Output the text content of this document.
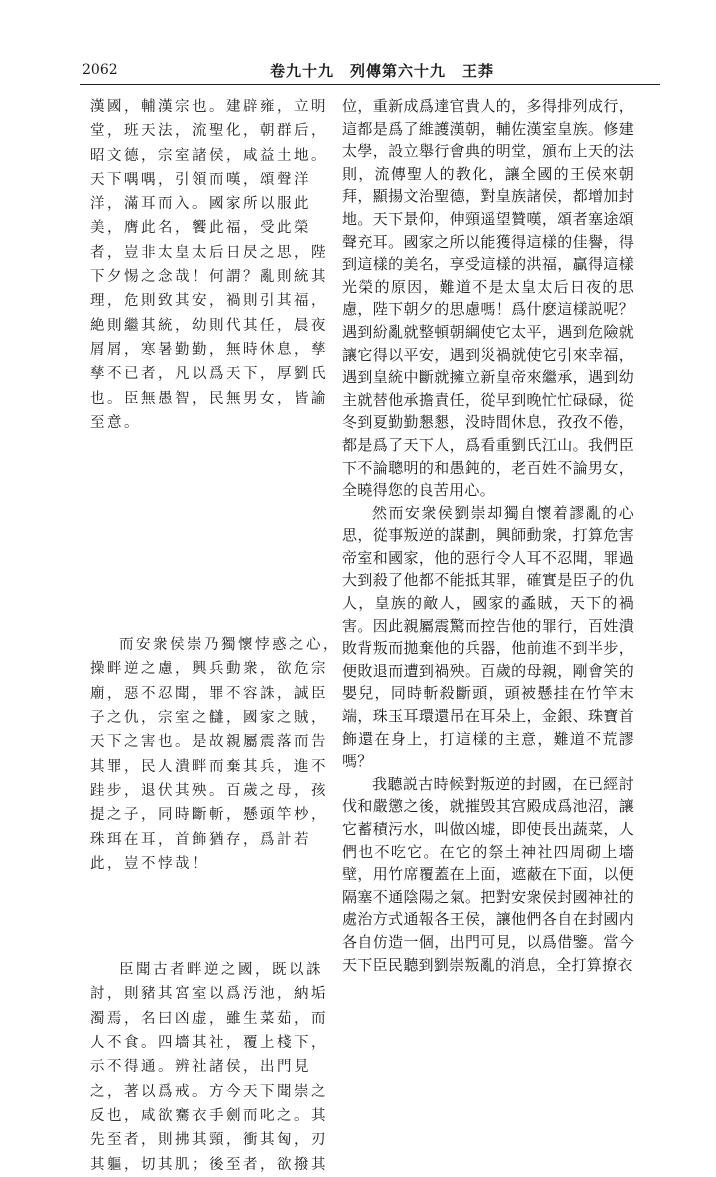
2062	卷九十九　列傳第六十九　王莽

漢國，輔漢宗也。建辟雍，立明堂，班天法，流聖化，朝群后，昭文德，宗室諸侯，咸益土地。天下喁喁，引領而嘆，頌聲洋洋，滿耳而入。國家所以服此美，膺此名，饗此福，受此榮者，豈非太皇太后日昃之思，陛下夕惕之念哉！何謂？亂則統其理，危則致其安，禍則引其福，絶則繼其統，幼則代其任，晨夜屑屑，寒暑勤勤，無時休息，孳孳不已者，凡以爲天下，厚劉氏也。臣無愚智，民無男女，皆諭至意。

而安衆侯崇乃獨懷悖惑之心，操畔逆之慮，興兵動衆，欲危宗廟，惡不忍聞，罪不容誅，誠臣子之仇，宗室之讎，國家之賊，天下之害也。是故親屬震落而告其罪，民人潰畔而棄其兵，進不跬步，退伏其殃。百歲之母，孩提之子，同時斷斬，懸頭竿杪，珠珥在耳，首飾猶存，爲計若此，豈不悖哉！

臣聞古者畔逆之國，既以誅討，則豬其宮室以爲汚池，納垢濁焉，名曰凶虚，雖生菜茹，而人不食。四墻其社，覆上棧下，示不得通。辨社諸侯，出門見之，著以爲戒。方今天下聞崇之反也，咸欲騫衣手劍而叱之。其先至者，則拂其頸，衝其匈，刃其軀，切其肌；後至者，欲撥其

位，重新成爲達官貴人的，多得排列成行，這都是爲了維護漢朝，輔佐漢室皇族。修建太學，設立舉行會典的明堂，頒布上天的法則，流傳聖人的教化，讓全國的王侯來朝拜，顯揚文治聖德，對皇族諸侯，都增加封地。天下景仰，伸頸遥望贊嘆，頌者塞途頌聲充耳。國家之所以能獲得這樣的佳譽，得到這樣的美名，享受這樣的洪福，贏得這樣光榮的原因，難道不是太皇太后日夜的思慮，陛下朝夕的思慮嗎！爲什麽這樣説呢？遇到紛亂就整頓朝綱使它太平，遇到危險就讓它得以平安，遇到災禍就使它引來幸福，遇到皇統中斷就擁立新皇帝來繼承，遇到幼主就替他承擔責任，從早到晚忙忙碌碌，從冬到夏勤勤懇懇，没時間休息，孜孜不倦，都是爲了天下人，爲看重劉氏江山。我們臣下不論聰明的和愚鈍的，老百姓不論男女，全曉得您的良苦用心。

然而安衆侯劉崇却獨自懷着謬亂的心思，從事叛逆的謀劃，興師動衆，打算危害帝室和國家，他的惡行令人耳不忍聞，罪過大到殺了他都不能抵其罪，確實是臣子的仇人，皇族的敵人，國家的蟊賊，天下的禍害。因此親屬震驚而控告他的罪行，百姓潰敗背叛而拋棄他的兵器，他前進不到半步，便敗退而遭到禍殃。百歲的母親，剛會笑的嬰兒，同時斬殺斷頭，頭被懸挂在竹竿末端，珠玉耳環還吊在耳朵上，金銀、珠寶首飾還在身上，打這樣的主意，難道不荒謬嗎？

我聽説古時候對叛逆的封國，在已經討伐和嚴懲之後，就摧毁其宫殿成爲池沼，讓它蓄積污水，叫做凶墟，即使長出蔬菜，人們也不吃它。在它的祭土神社四周砌上墻壁，用竹席覆蓋在上面，遮蔽在下面，以便隔塞不通陰陽之氣。把對安衆侯封國神社的處治方式通報各王侯，讓他們各自在封國内各自仿造一個，出門可見，以爲借鑒。當今天下臣民聽到劉崇叛亂的消息，全打算撩衣
